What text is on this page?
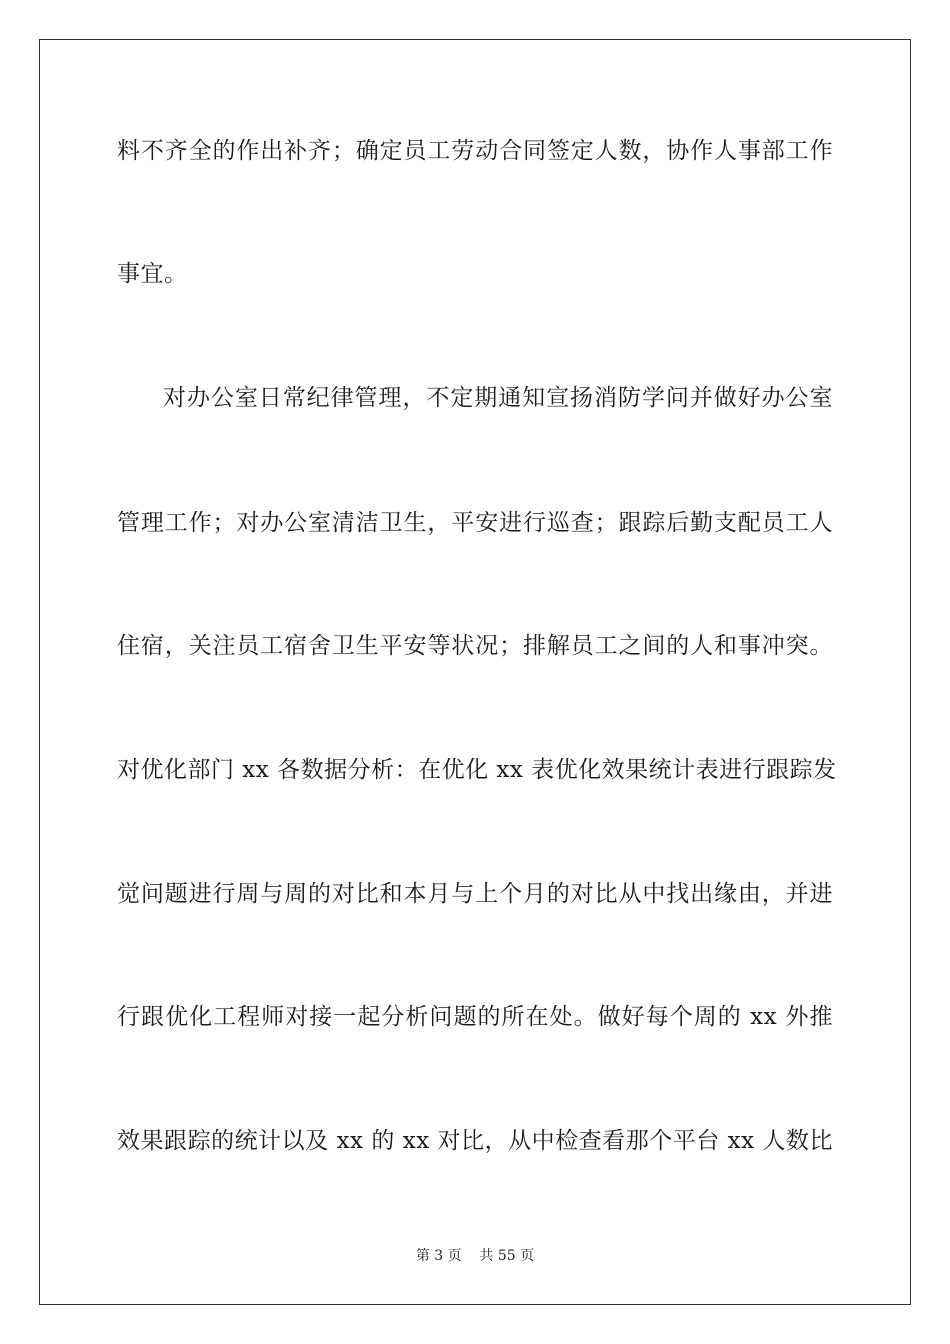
料不齐全的作出补齐；确定员工劳动合同签定人数，协作人事部工作
事宜。
对办公室日常纪律管理，不定期通知宣扬消防学问并做好办公室
管理工作；对办公室清洁卫生，平安进行巡查；跟踪后勤支配员工人
住宿，关注员工宿舍卫生平安等状况；排解员工之间的人和事冲突。
对优化部门 xx 各数据分析：在优化 xx 表优化效果统计表进行跟踪发
觉问题进行周与周的对比和本月与上个月的对比从中找出缘由，并进
行跟优化工程师对接一起分析问题的所在处。做好每个周的 xx 外推
效果跟踪的统计以及 xx 的 xx 对比，从中检查看那个平台 xx 人数比
第 3 页    共 55 页
